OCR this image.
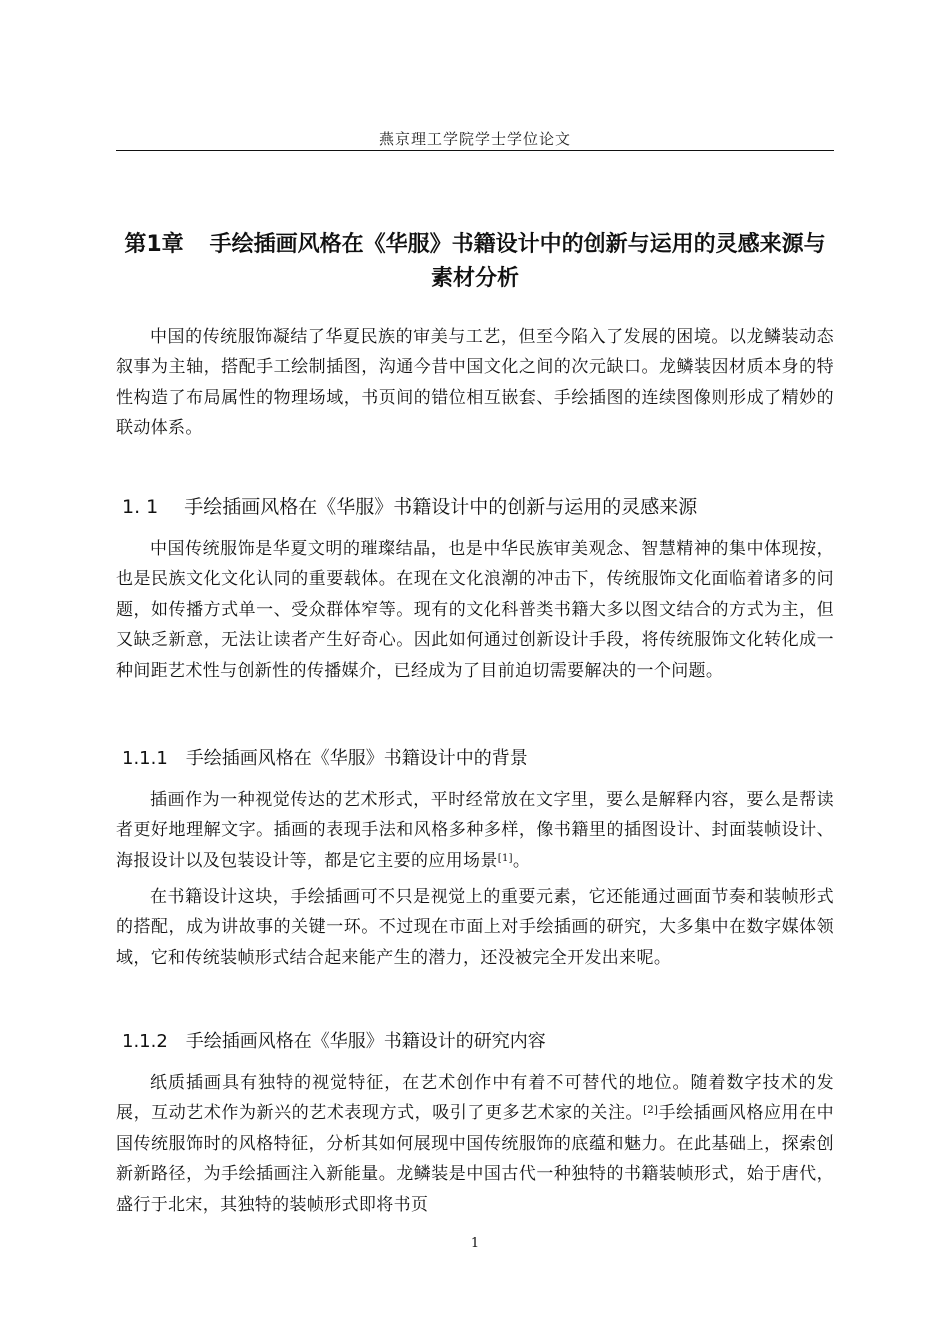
燕京理工学院学士学位论文
第1章 手绘插画风格在《华服》书籍设计中的创新与运用的灵感来源与素材分析

中国的传统服饰凝结了华夏民族的审美与工艺，但至今陷入了发展的困境。以龙鳞装动态叙事为主轴，搭配手工绘制插图，沟通今昔中国文化之间的次元缺口。龙鳞装因材质本身的特性构造了布局属性的物理场域，书页间的错位相互嵌套、手绘插图的连续图像则形成了精妙的联动体系。

1. 1 手绘插画风格在《华服》书籍设计中的创新与运用的灵感来源

中国传统服饰是华夏文明的璀璨结晶，也是中华民族审美观念、智慧精神的集中体现按，也是民族文化文化认同的重要载体。在现在文化浪潮的冲击下，传统服饰文化面临着诸多的问题，如传播方式单一、受众群体窄等。现有的文化科普类书籍大多以图文结合的方式为主，但又缺乏新意，无法让读者产生好奇心。因此如何通过创新设计手段，将传统服饰文化转化成一种间距艺术性与创新性的传播媒介，已经成为了目前迫切需要解决的一个问题。

1.1.1 手绘插画风格在《华服》书籍设计中的背景

插画作为一种视觉传达的艺术形式，平时经常放在文字里，要么是解释内容，要么是帮读者更好地理解文字。插画的表现手法和风格多种多样，像书籍里的插图设计、封面装帧设计、海报设计以及包装设计等，都是它主要的应用场景[1]。

在书籍设计这块，手绘插画可不只是视觉上的重要元素，它还能通过画面节奏和装帧形式的搭配，成为讲故事的关键一环。不过现在市面上对手绘插画的研究，大多集中在数字媒体领域，它和传统装帧形式结合起来能产生的潜力，还没被完全开发出来呢。

1.1.2 手绘插画风格在《华服》书籍设计的研究内容

纸质插画具有独特的视觉特征，在艺术创作中有着不可替代的地位。随着数字技术的发展，互动艺术作为新兴的艺术表现方式，吸引了更多艺术家的关注。[2]手绘插画风格应用在中国传统服饰时的风格特征，分析其如何展现中国传统服饰的底蕴和魅力。在此基础上，探索创新新路径，为手绘插画注入新能量。龙鳞装是中国古代一种独特的书籍装帧形式，始于唐代，盛行于北宋，其独特的装帧形式即将书页

1
